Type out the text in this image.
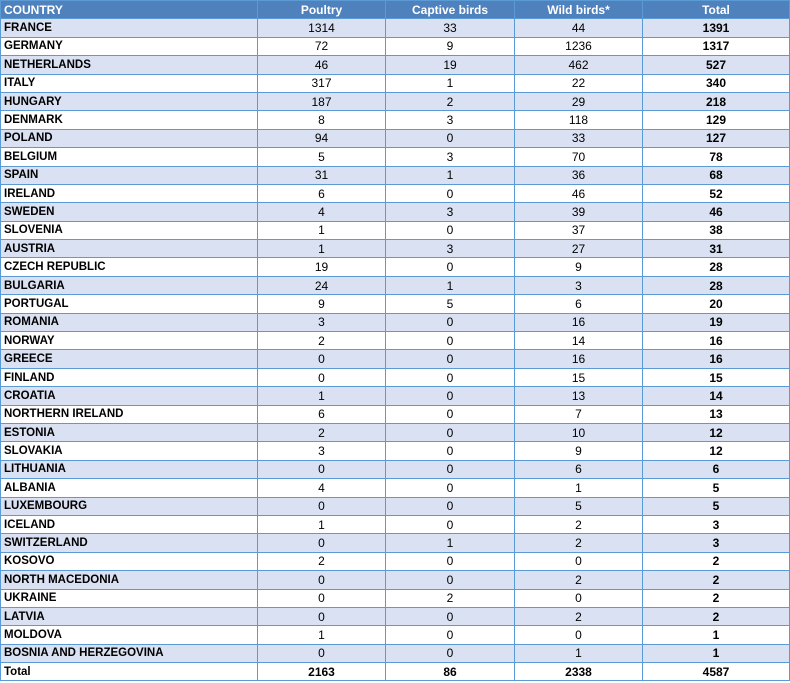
COUNTRY	Poultry	Captive birds	Wild birds*	Total
FRANCE	1314	33	44	1391
GERMANY	72	9	1236	1317
NETHERLANDS	46	19	462	527
ITALY	317	1	22	340
HUNGARY	187	2	29	218
DENMARK	8	3	118	129
POLAND	94	0	33	127
BELGIUM	5	3	70	78
SPAIN	31	1	36	68
IRELAND	6	0	46	52
SWEDEN	4	3	39	46
SLOVENIA	1	0	37	38
AUSTRIA	1	3	27	31
CZECH REPUBLIC	19	0	9	28
BULGARIA	24	1	3	28
PORTUGAL	9	5	6	20
ROMANIA	3	0	16	19
NORWAY	2	0	14	16
GREECE	0	0	16	16
FINLAND	0	0	15	15
CROATIA	1	0	13	14
NORTHERN IRELAND	6	0	7	13
ESTONIA	2	0	10	12
SLOVAKIA	3	0	9	12
LITHUANIA	0	0	6	6
ALBANIA	4	0	1	5
LUXEMBOURG	0	0	5	5
ICELAND	1	0	2	3
SWITZERLAND	0	1	2	3
KOSOVO	2	0	0	2
NORTH MACEDONIA	0	0	2	2
UKRAINE	0	2	0	2
LATVIA	0	0	2	2
MOLDOVA	1	0	0	1
BOSNIA AND HERZEGOVINA	0	0	1	1
Total	2163	86	2338	4587
